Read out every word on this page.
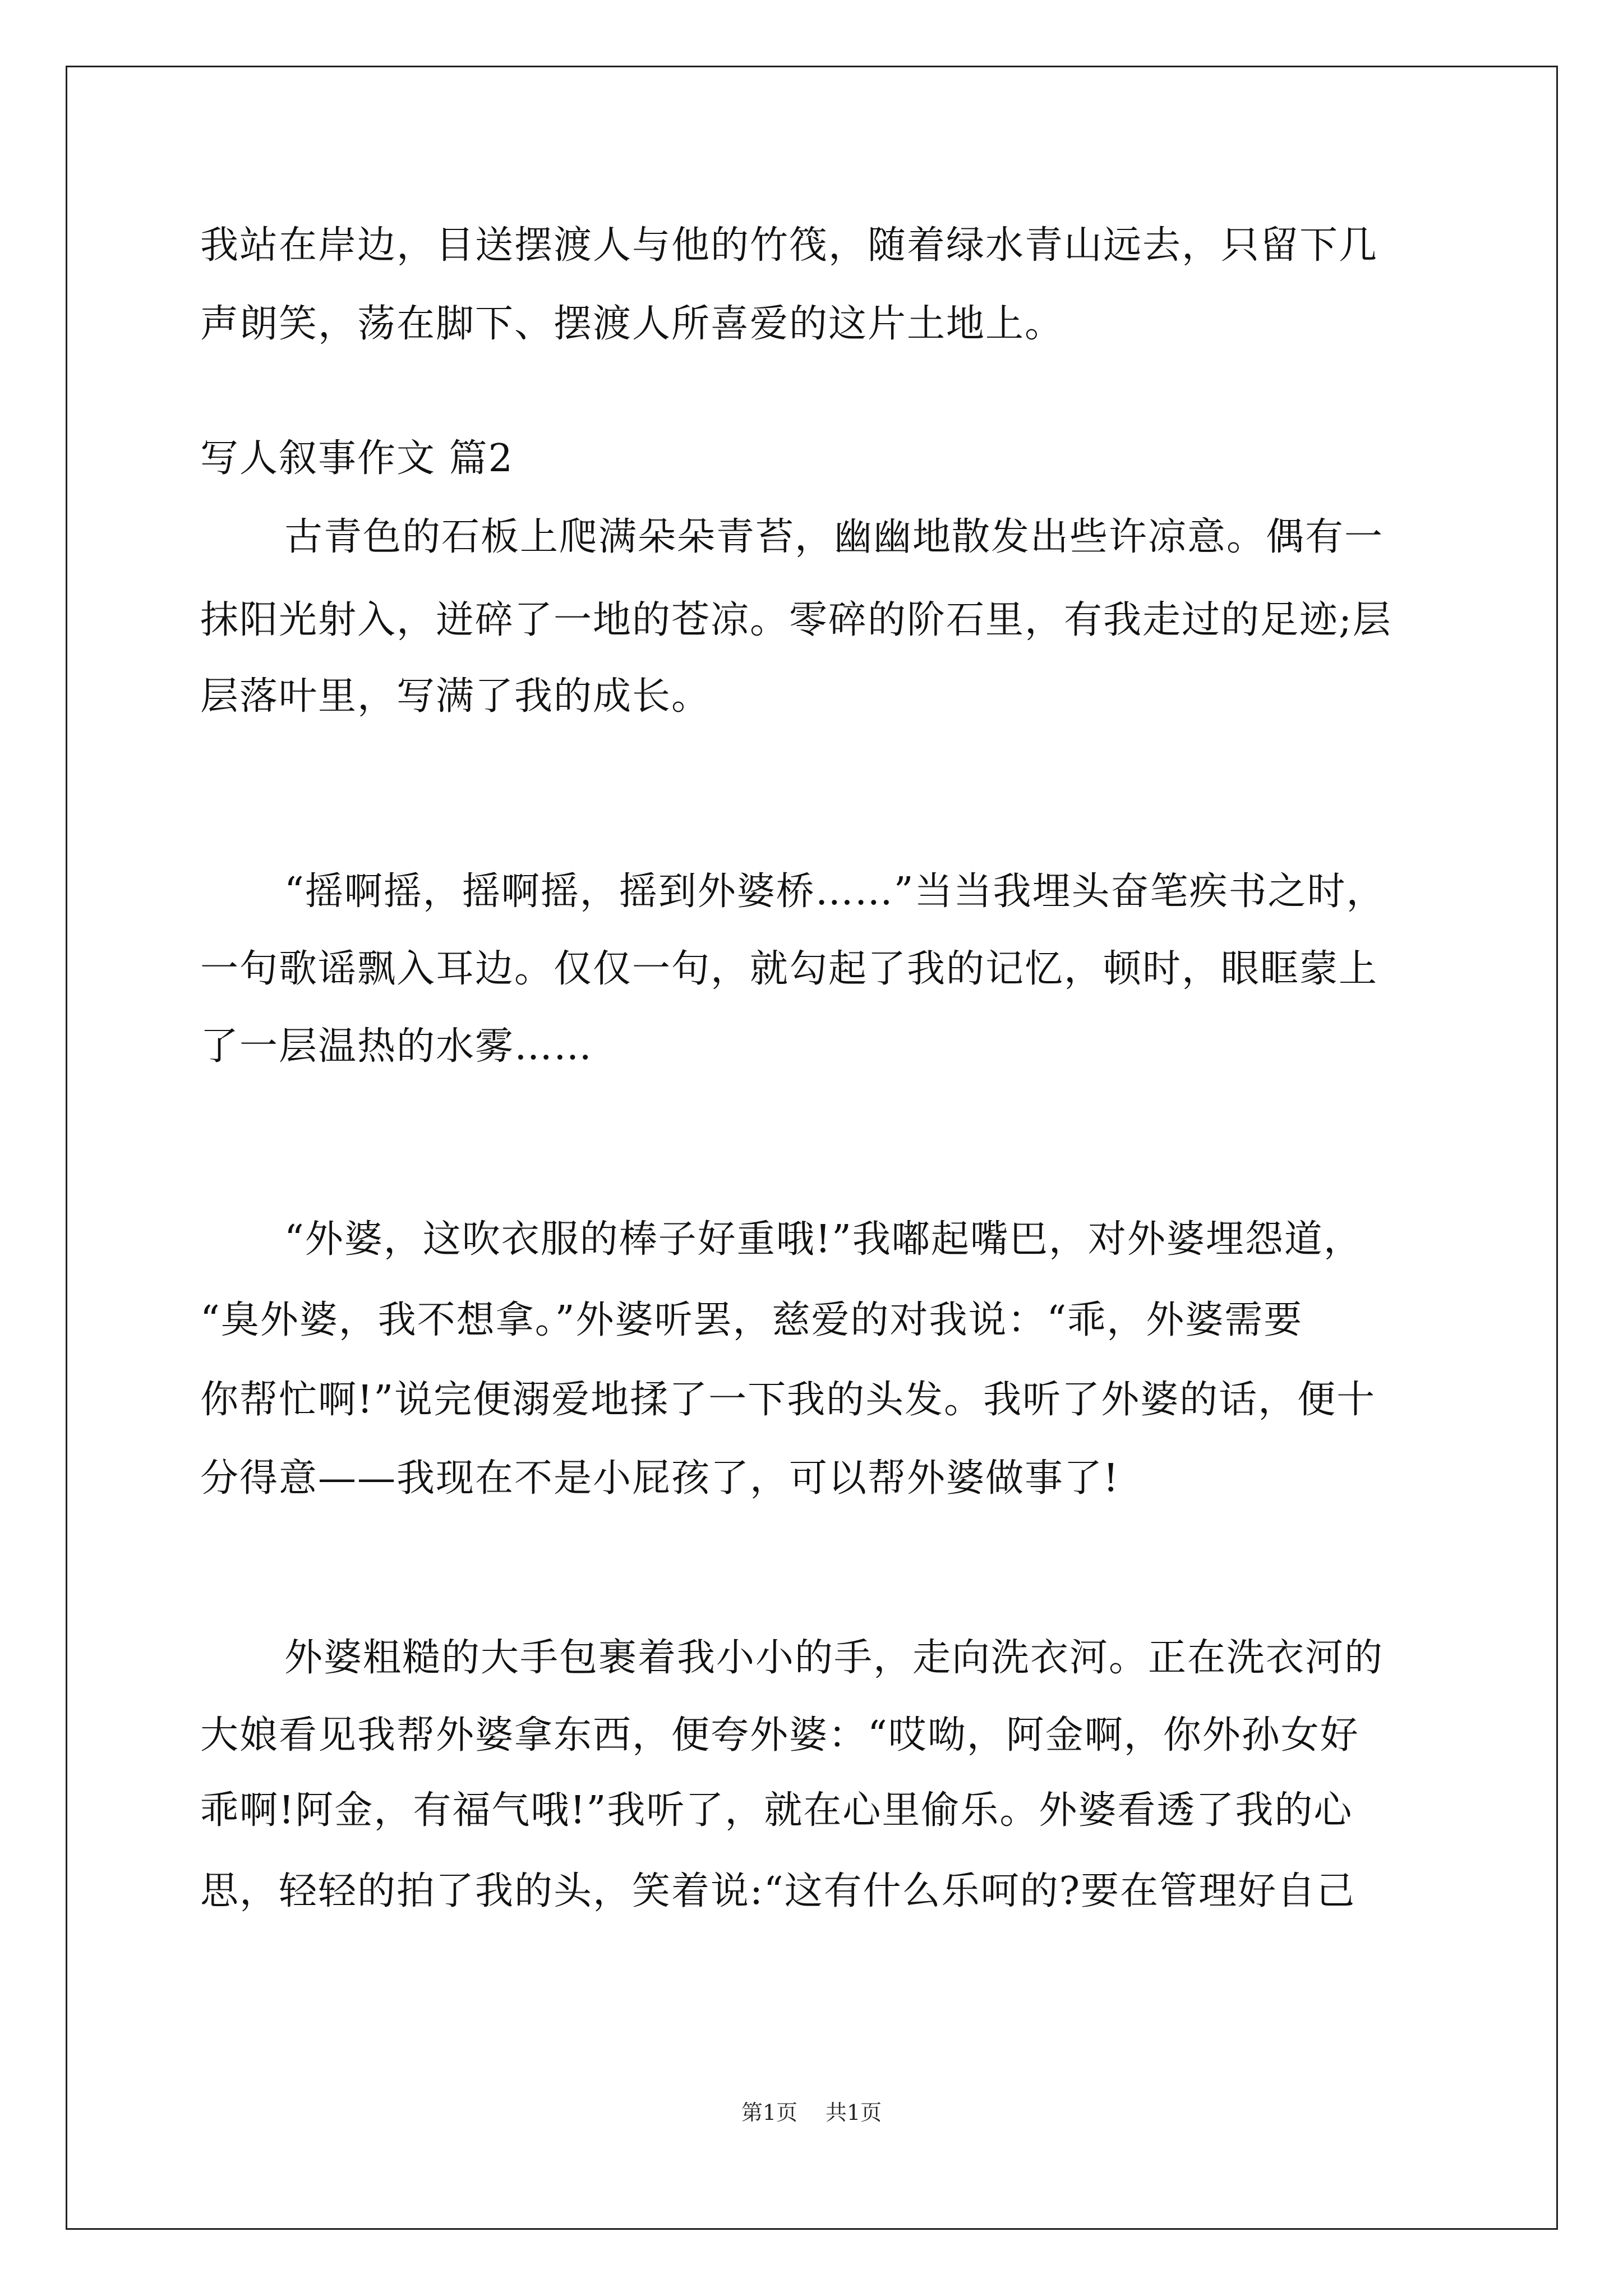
我站在岸边，目送摆渡人与他的竹筏，随着绿水青山远去，只留下几
声朗笑，荡在脚下、摆渡人所喜爱的这片土地上。
写人叙事作文 篇2
古青色的石板上爬满朵朵青苔，幽幽地散发出些许凉意。偶有一
抹阳光射入，迸碎了一地的苍凉。零碎的阶石里，有我走过的足迹;层
层落叶里，写满了我的成长。
“摇啊摇，摇啊摇，摇到外婆桥……”当当我埋头奋笔疾书之时，
一句歌谣飘入耳边。仅仅一句，就勾起了我的记忆，顿时，眼眶蒙上
了一层温热的水雾……
“外婆，这吹衣服的棒子好重哦!”我嘟起嘴巴，对外婆埋怨道，
“臭外婆，我不想拿。”外婆听罢，慈爱的对我说：“乖，外婆需要
你帮忙啊!”说完便溺爱地揉了一下我的头发。我听了外婆的话，便十
分得意——我现在不是小屁孩了，可以帮外婆做事了!
外婆粗糙的大手包裹着我小小的手，走向洗衣河。正在洗衣河的
大娘看见我帮外婆拿东西，便夸外婆：“哎呦，阿金啊，你外孙女好
乖啊!阿金，有福气哦!”我听了，就在心里偷乐。外婆看透了我的心
思，轻轻的拍了我的头，笑着说:“这有什么乐呵的?要在管理好自己
第1页 共1页
